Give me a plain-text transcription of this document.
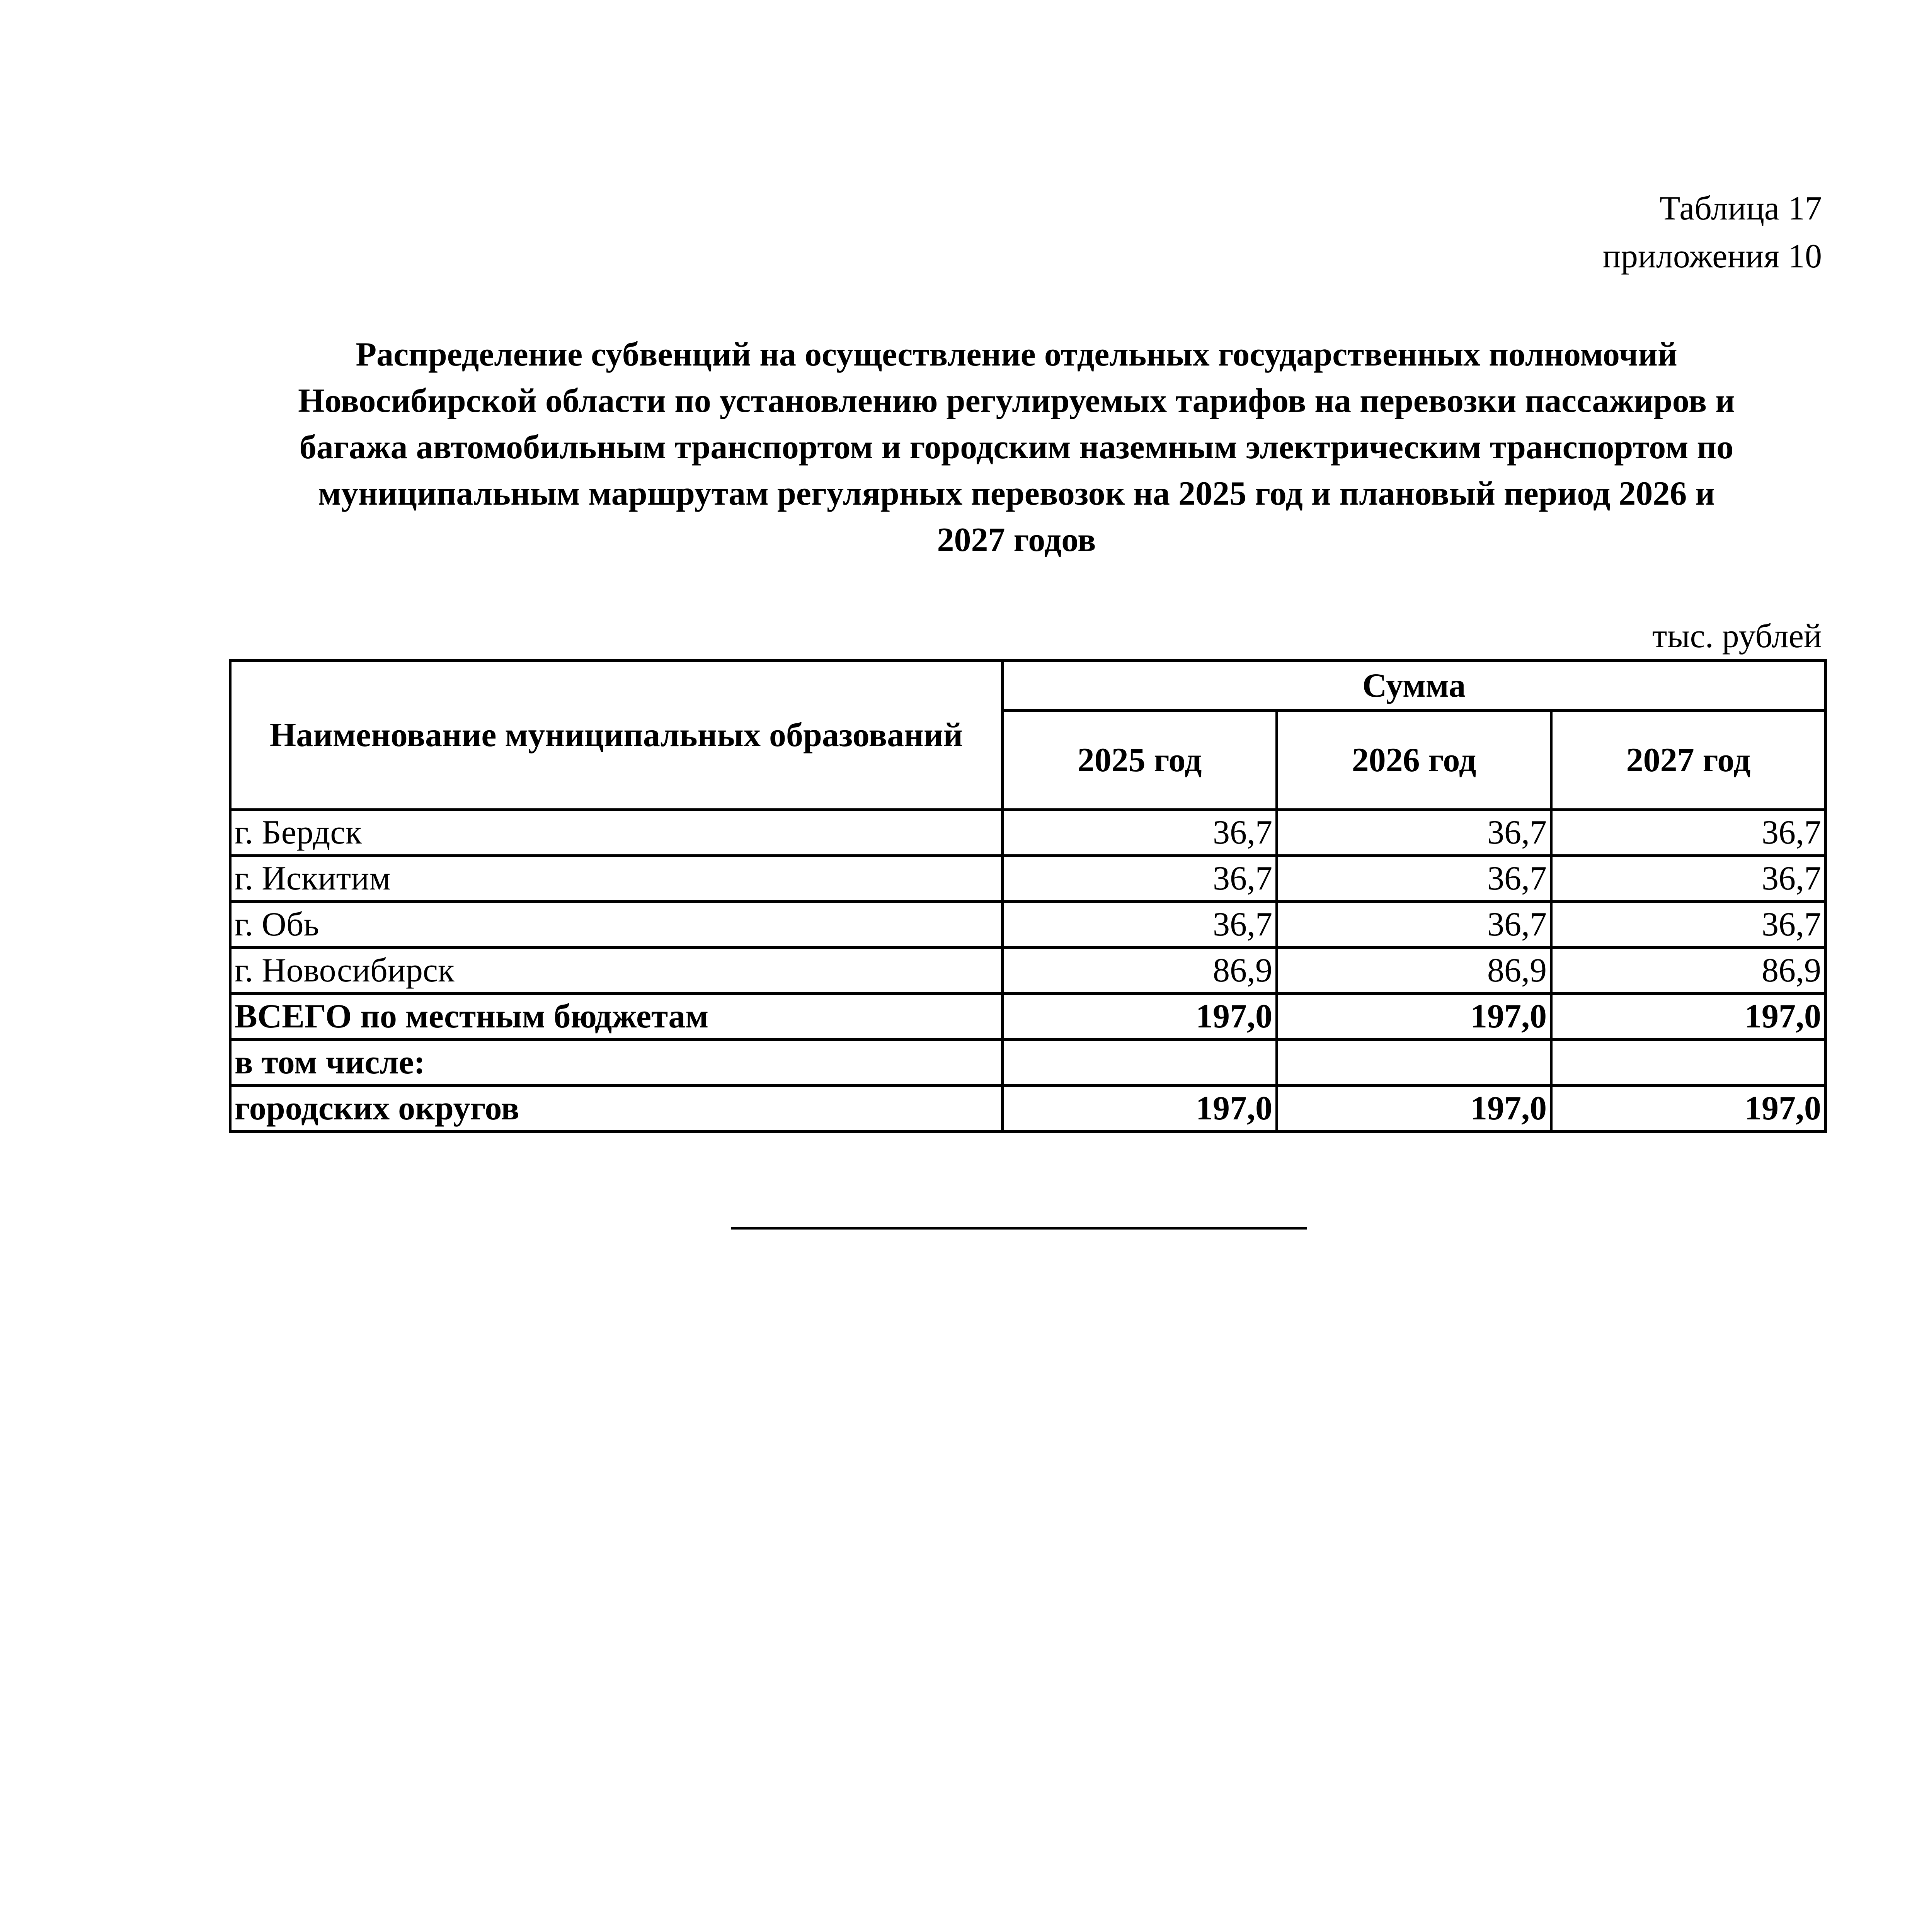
Таблица 17
приложения 10
Распределение субвенций на осуществление отдельных государственных полномочий
Новосибирской области по установлению регулируемых тарифов на перевозки пассажиров и
багажа автомобильным транспортом и городским наземным электрическим транспортом по
муниципальным маршрутам регулярных перевозок на 2025 год и плановый период 2026 и
2027 годов
тыс. рублей
Наименование муниципальных образований	Сумма		
	2025 год	2026 год	2027 год
г. Бердск	36,7	36,7	36,7
г. Искитим	36,7	36,7	36,7
г. Обь	36,7	36,7	36,7
г. Новосибирск	86,9	86,9	86,9
ВСЕГО по местным бюджетам	197,0	197,0	197,0
в том числе:			
городских округов	197,0	197,0	197,0
